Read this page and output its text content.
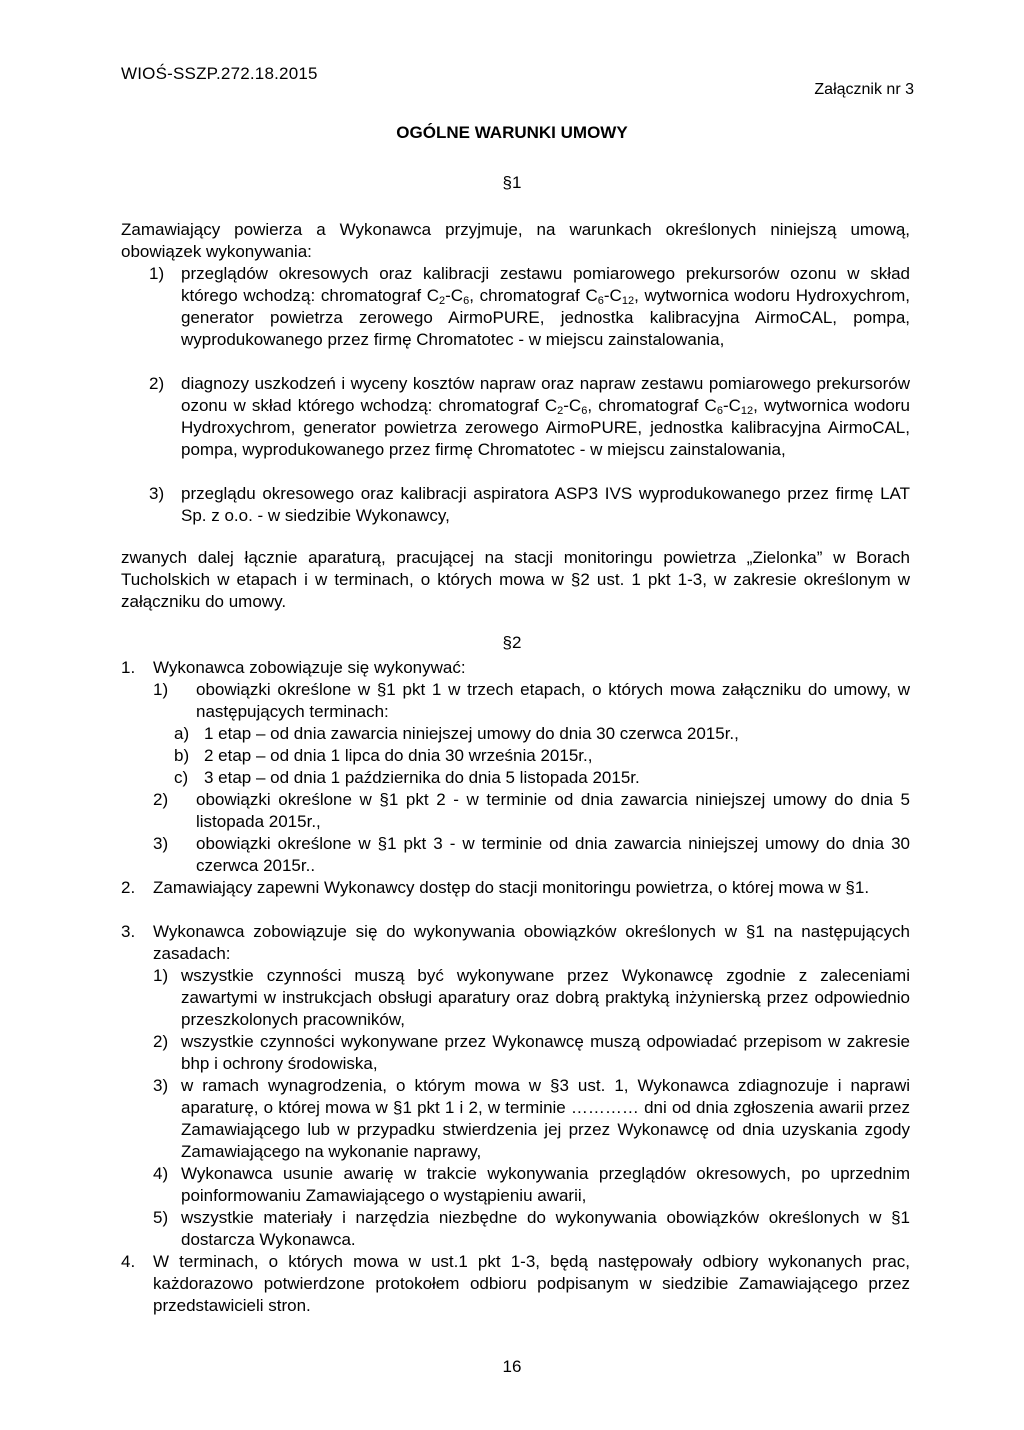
WIOŚ-SSZP.272.18.2015
Załącznik nr 3
OGÓLNE WARUNKI UMOWY
§1
Zamawiający powierza a Wykonawca przyjmuje, na warunkach określonych niniejszą umową, obowiązek wykonywania:
1) przeglądów okresowych oraz kalibracji zestawu pomiarowego prekursorów ozonu w skład którego wchodzą: chromatograf $C_2-C_6$, chromatograf $C_6-C_{12}$, wytwornica wodoru Hydroxychrom, generator powietrza zerowego AirmoPURE, jednostka kalibracyjna AirmoCAL, pompa, wyprodukowanego przez firmę Chromatotec - w miejscu zainstalowania,
2) diagnozy uszkodzeń i wyceny kosztów napraw oraz napraw zestawu pomiarowego prekursorów ozonu w skład którego wchodzą: chromatograf $C_2-C_6$, chromatograf $C_6-C_{12}$, wytwornica wodoru Hydroxychrom, generator powietrza zerowego AirmoPURE, jednostka kalibracyjna AirmoCAL, pompa, wyprodukowanego przez firmę Chromatotec - w miejscu zainstalowania,
3) przeglądu okresowego oraz kalibracji aspiratora ASP3 IVS wyprodukowanego przez firmę LAT Sp. z o.o. - w siedzibie Wykonawcy,
zwanych dalej łącznie aparaturą, pracującej na stacji monitoringu powietrza „Zielonka” w Borach Tucholskich w etapach i w terminach, o których mowa w §2 ust. 1 pkt 1-3, w zakresie określonym w załączniku do umowy.
§2
1. Wykonawca zobowiązuje się wykonywać:
1) obowiązki określone w §1 pkt 1 w trzech etapach, o których mowa załączniku do umowy, w następujących terminach:
a) 1 etap – od dnia zawarcia niniejszej umowy do dnia 30 czerwca 2015r.,
b) 2 etap – od dnia 1 lipca do dnia 30 września 2015r.,
c) 3 etap – od dnia 1 października do dnia 5 listopada 2015r.
2) obowiązki określone w §1 pkt 2 - w terminie od dnia zawarcia niniejszej umowy do dnia 5 listopada 2015r.,
3) obowiązki określone w §1 pkt 3 - w terminie od dnia zawarcia niniejszej umowy do dnia 30 czerwca 2015r..
2. Zamawiający zapewni Wykonawcy dostęp do stacji monitoringu powietrza, o której mowa w §1.
3. Wykonawca zobowiązuje się do wykonywania obowiązków określonych w §1 na następujących zasadach:
1) wszystkie czynności muszą być wykonywane przez Wykonawcę zgodnie z zaleceniami zawartymi w instrukcjach obsługi aparatury oraz dobrą praktyką inżynierską przez odpowiednio przeszkolonych pracowników,
2) wszystkie czynności wykonywane przez Wykonawcę muszą odpowiadać przepisom w zakresie bhp i ochrony środowiska,
3) w ramach wynagrodzenia, o którym mowa w §3 ust. 1, Wykonawca zdiagnozuje i naprawi aparaturę, o której mowa w §1 pkt 1 i 2, w terminie ………… dni od dnia zgłoszenia awarii przez Zamawiającego lub w przypadku stwierdzenia jej przez Wykonawcę od dnia uzyskania zgody Zamawiającego na wykonanie naprawy,
4) Wykonawca usunie awarię w trakcie wykonywania przeglądów okresowych, po uprzednim poinformowaniu Zamawiającego o wystąpieniu awarii,
5) wszystkie materiały i narzędzia niezbędne do wykonywania obowiązków określonych w §1 dostarcza Wykonawca.
4. W terminach, o których mowa w ust.1 pkt 1-3, będą następowały odbiory wykonanych prac, każdorazowo potwierdzone protokołem odbioru podpisanym w siedzibie Zamawiającego przez przedstawicieli stron.
16
